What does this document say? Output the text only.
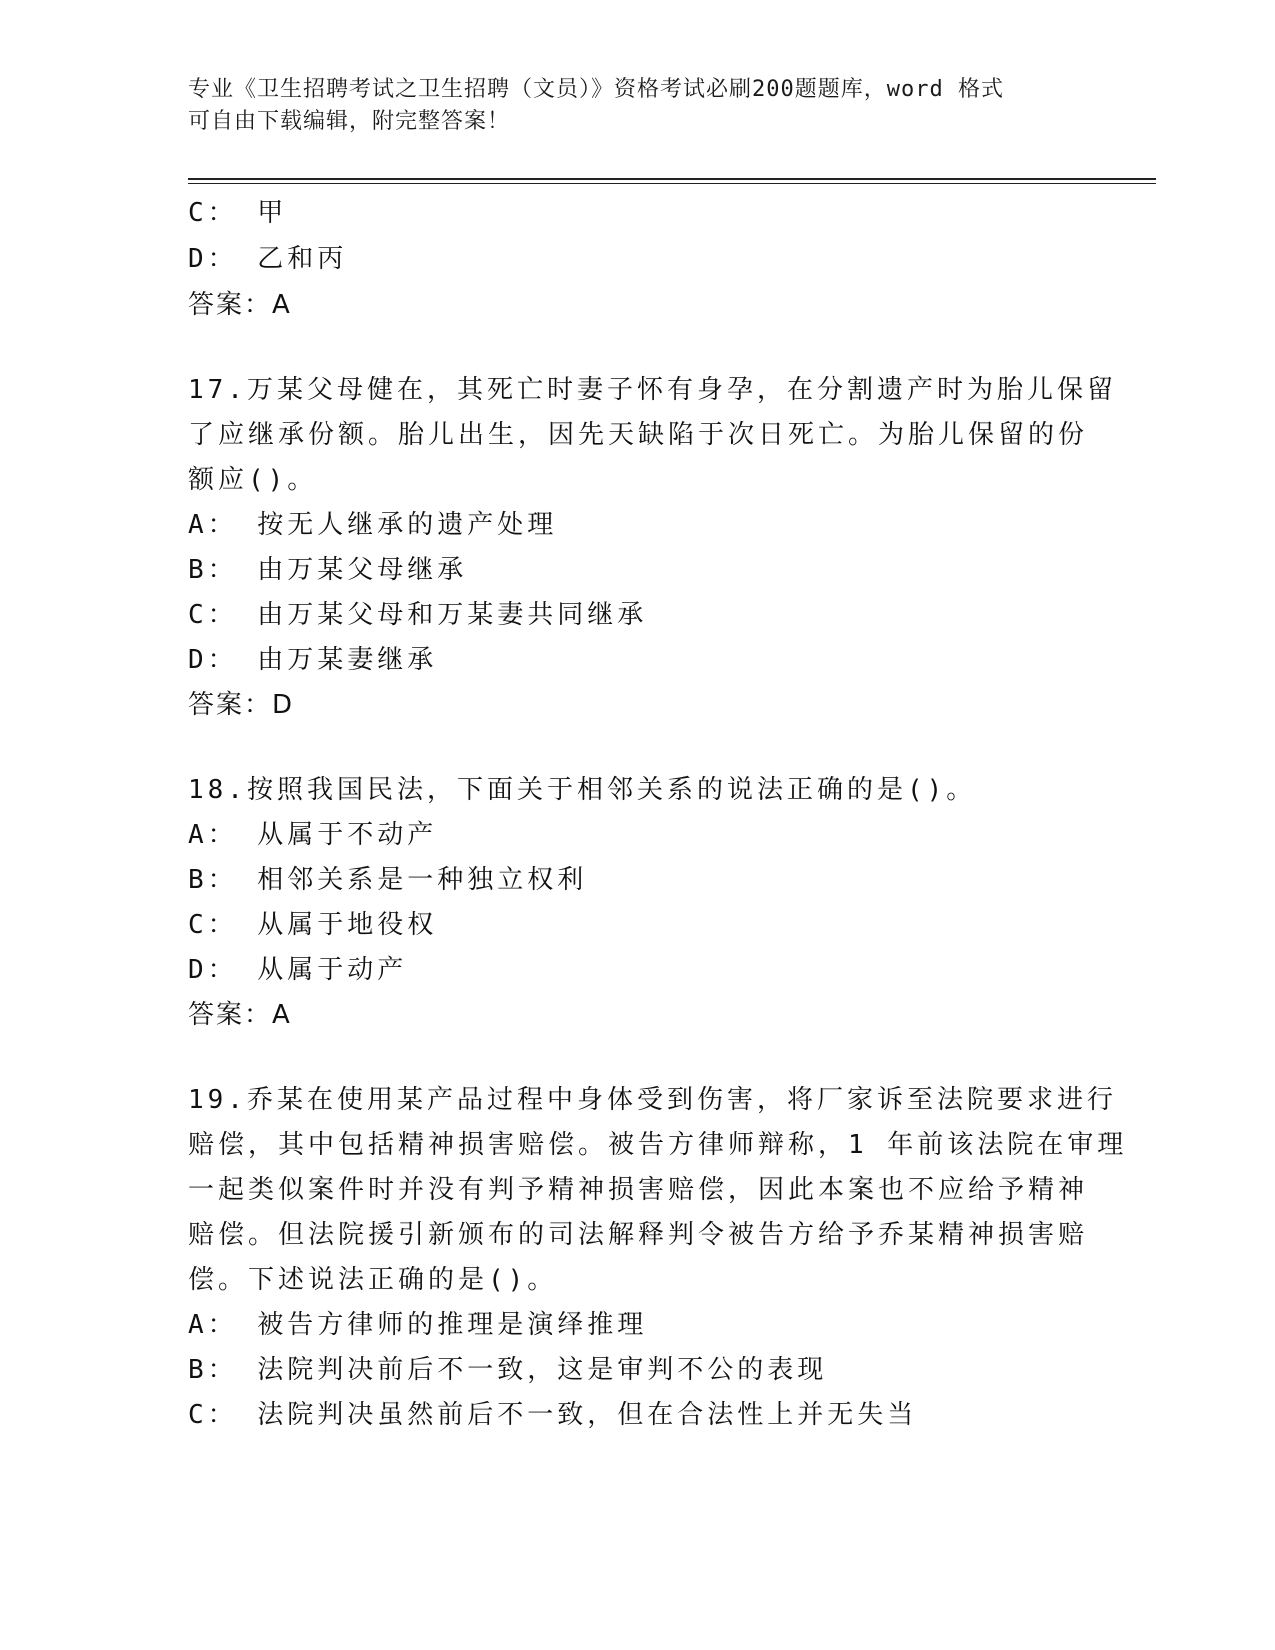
专业《卫生招聘考试之卫生招聘（文员）》资格考试必刷200题题库，word 格式
可自由下载编辑，附完整答案！
C： 甲
D： 乙和丙
答案：A
17.万某父母健在，其死亡时妻子怀有身孕，在分割遗产时为胎儿保留
了应继承份额。胎儿出生，因先天缺陷于次日死亡。为胎儿保留的份
额应()。
A： 按无人继承的遗产处理
B： 由万某父母继承
C： 由万某父母和万某妻共同继承
D： 由万某妻继承
答案：D
18.按照我国民法，下面关于相邻关系的说法正确的是()。
A： 从属于不动产
B： 相邻关系是一种独立权利
C： 从属于地役权
D： 从属于动产
答案：A
19.乔某在使用某产品过程中身体受到伤害，将厂家诉至法院要求进行
赔偿，其中包括精神损害赔偿。被告方律师辩称，1 年前该法院在审理
一起类似案件时并没有判予精神损害赔偿，因此本案也不应给予精神
赔偿。但法院援引新颁布的司法解释判令被告方给予乔某精神损害赔
偿。下述说法正确的是()。
A： 被告方律师的推理是演绎推理
B： 法院判决前后不一致，这是审判不公的表现
C： 法院判决虽然前后不一致，但在合法性上并无失当
